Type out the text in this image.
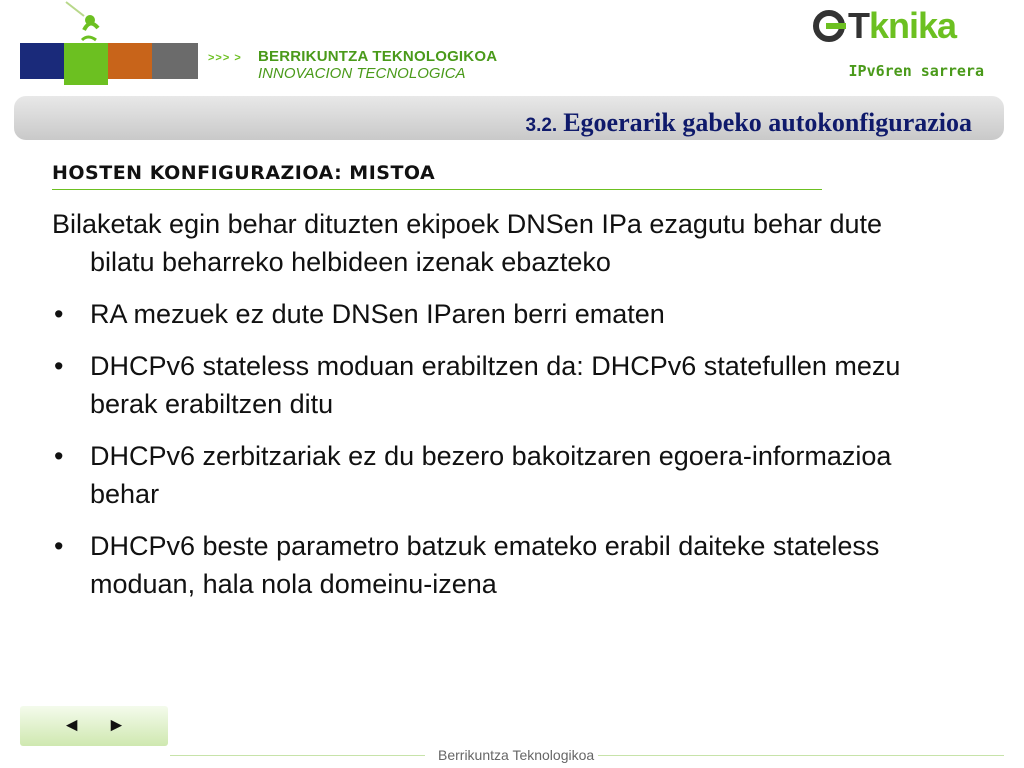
>>> > BERRIKUNTZA TEKNOLOGIKOA
INNOVACION TECNOLOGICA
Tknika
IPv6ren sarrera
3.2. Egoerarik gabeko autokonfigurazioa
HOSTEN KONFIGURAZIOA: MISTOA
Bilaketak egin behar dituzten ekipoek DNSen IPa ezagutu behar dute bilatu beharreko helbideen izenak ebazteko
• RA mezuek ez dute DNSen IParen berri ematen
• DHCPv6 stateless moduan erabiltzen da: DHCPv6 statefullen mezu berak erabiltzen ditu
• DHCPv6 zerbitzariak ez du bezero bakoitzaren egoera-informazioa behar
• DHCPv6 beste parametro batzuk emateko erabil daiteke stateless moduan, hala nola domeinu-izena
◄ ►
Berrikuntza Teknologikoa
